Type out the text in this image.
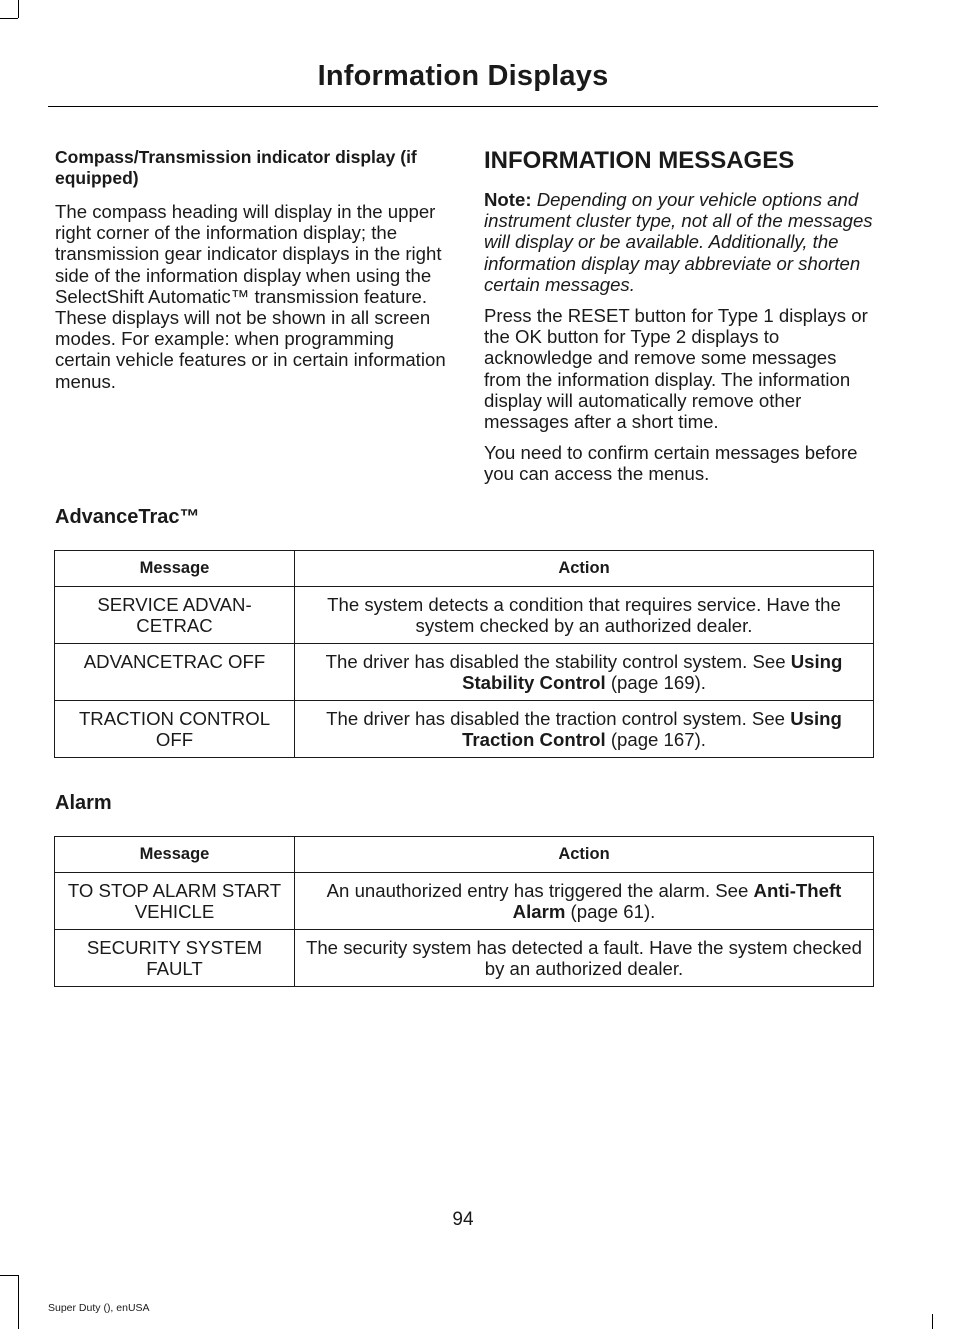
Information Displays
Compass/Transmission indicator display (if equipped)

The compass heading will display in the upper right corner of the information display; the transmission gear indicator displays in the right side of the information display when using the SelectShift Automatic™ transmission feature. These displays will not be shown in all screen modes. For example: when programming certain vehicle features or in certain information menus.

INFORMATION MESSAGES

Note: Depending on your vehicle options and instrument cluster type, not all of the messages will display or be available. Additionally, the information display may abbreviate or shorten certain messages.

Press the RESET button for Type 1 displays or the OK button for Type 2 displays to acknowledge and remove some messages from the information display. The information display will automatically remove other messages after a short time.

You need to confirm certain messages before you can access the menus.

AdvanceTrac™
Message	Action
SERVICE ADVAN- CETRAC	The system detects a condition that requires service. Have the system checked by an authorized dealer.
ADVANCETRAC OFF	The driver has disabled the stability control system. See Using Stability Control (page 169).
TRACTION CONTROL OFF	The driver has disabled the traction control system. See Using Traction Control (page 167).
Alarm
Message	Action
TO STOP ALARM START VEHICLE	An unauthorized entry has triggered the alarm. See Anti-Theft Alarm (page 61).
SECURITY SYSTEM FAULT	The security system has detected a fault. Have the system checked by an authorized dealer.
94
Super Duty (), enUSA
